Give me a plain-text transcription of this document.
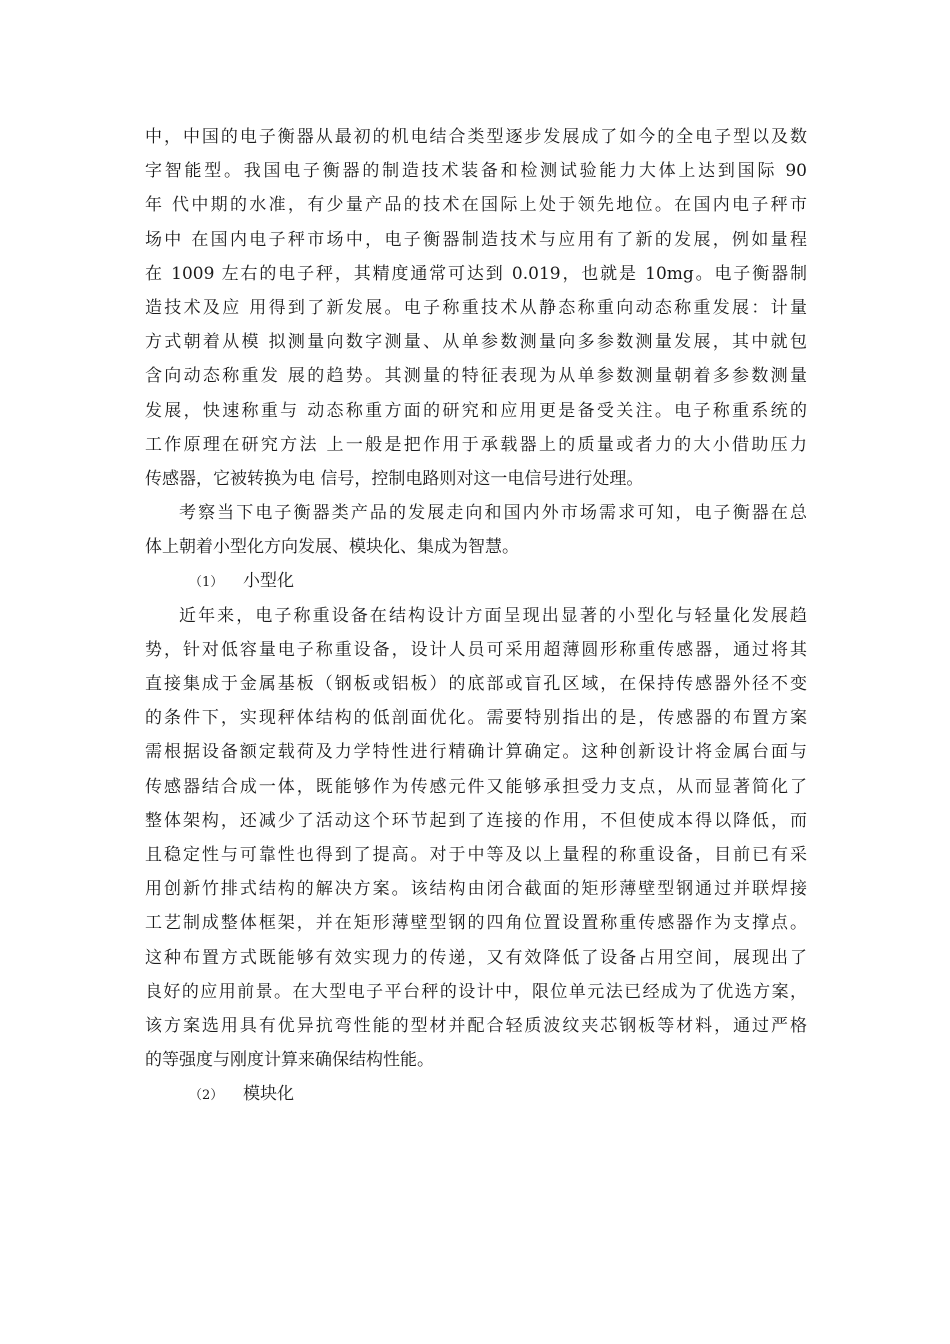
中，中国的电子衡器从最初的机电结合类型逐步发展成了如今的全电子型以及数
字智能型。我国电子衡器的制造技术装备和检测试验能力大体上达到国际 90
年 代中期的水准，有少量产品的技术在国际上处于领先地位。在国内电子秤市
场中 在国内电子秤市场中，电子衡器制造技术与应用有了新的发展，例如量程
在 1009 左右的电子秤，其精度通常可达到 0.019，也就是 10mg。电子衡器制
造技术及应 用得到了新发展。电子称重技术从静态称重向动态称重发展：计量
方式朝着从模 拟测量向数字测量、从单参数测量向多参数测量发展，其中就包
含向动态称重发 展的趋势。其测量的特征表现为从单参数测量朝着多参数测量
发展，快速称重与 动态称重方面的研究和应用更是备受关注。电子称重系统的
工作原理在研究方法 上一般是把作用于承载器上的质量或者力的大小借助压力
传感器，它被转换为电 信号，控制电路则对这一电信号进行处理。
考察当下电子衡器类产品的发展走向和国内外市场需求可知，电子衡器在总
体上朝着小型化方向发展、模块化、集成为智慧。
（1） 小型化
近年来，电子称重设备在结构设计方面呈现出显著的小型化与轻量化发展趋
势，针对低容量电子称重设备，设计人员可采用超薄圆形称重传感器，通过将其
直接集成于金属基板（钢板或铝板）的底部或盲孔区域，在保持传感器外径不变
的条件下，实现秤体结构的低剖面优化。需要特别指出的是，传感器的布置方案
需根据设备额定载荷及力学特性进行精确计算确定。这种创新设计将金属台面与
传感器结合成一体，既能够作为传感元件又能够承担受力支点，从而显著简化了
整体架构，还减少了活动这个环节起到了连接的作用，不但使成本得以降低，而
且稳定性与可靠性也得到了提高。对于中等及以上量程的称重设备，目前已有采
用创新竹排式结构的解决方案。该结构由闭合截面的矩形薄壁型钢通过并联焊接
工艺制成整体框架，并在矩形薄壁型钢的四角位置设置称重传感器作为支撑点。
这种布置方式既能够有效实现力的传递，又有效降低了设备占用空间，展现出了
良好的应用前景。在大型电子平台秤的设计中，限位单元法已经成为了优选方案，
该方案选用具有优异抗弯性能的型材并配合轻质波纹夹芯钢板等材料，通过严格
的等强度与刚度计算来确保结构性能。
（2） 模块化
